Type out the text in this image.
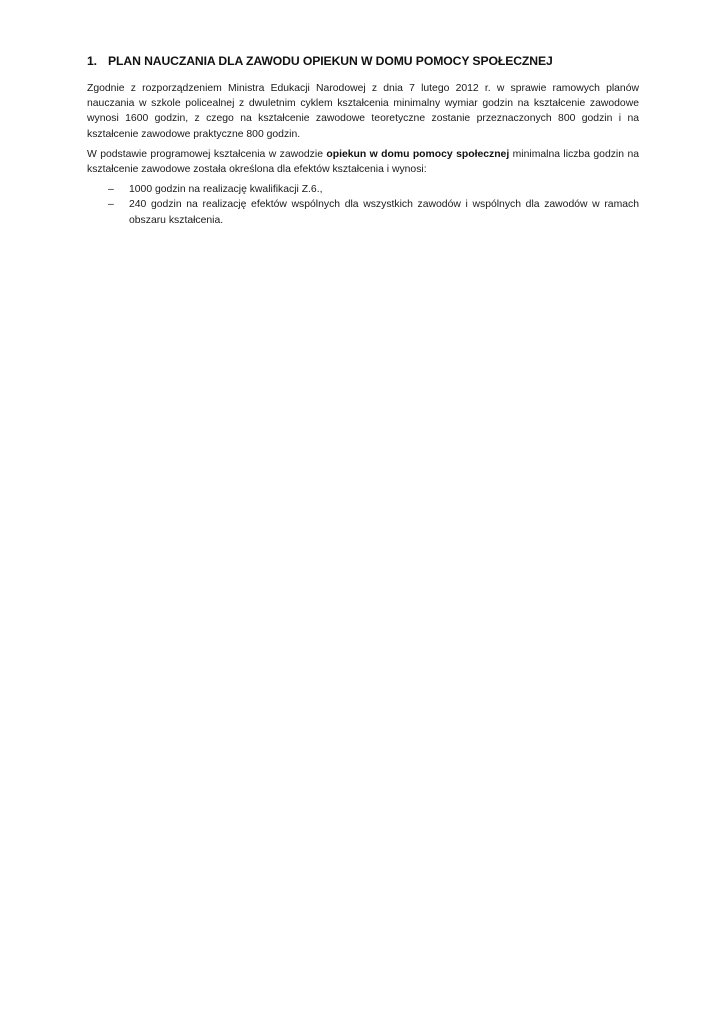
1. PLAN NAUCZANIA DLA ZAWODU OPIEKUN W DOMU POMOCY SPOŁECZNEJ

Zgodnie z rozporządzeniem Ministra Edukacji Narodowej z dnia 7 lutego 2012 r. w sprawie ramowych planów nauczania w szkole policealnej z dwuletnim cyklem kształcenia minimalny wymiar godzin na kształcenie zawodowe wynosi 1600 godzin, z czego na kształcenie zawodowe teoretyczne zostanie przeznaczonych 800 godzin i na kształcenie zawodowe praktyczne 800 godzin.

W podstawie programowej kształcenia w zawodzie opiekun w domu pomocy społecznej minimalna liczba godzin na kształcenie zawodowe została określona dla efektów kształcenia i wynosi:

–	1000 godzin na realizację kwalifikacji Z.6.,
–	240 godzin na realizację efektów wspólnych dla wszystkich zawodów i wspólnych dla zawodów w ramach obszaru kształcenia.
